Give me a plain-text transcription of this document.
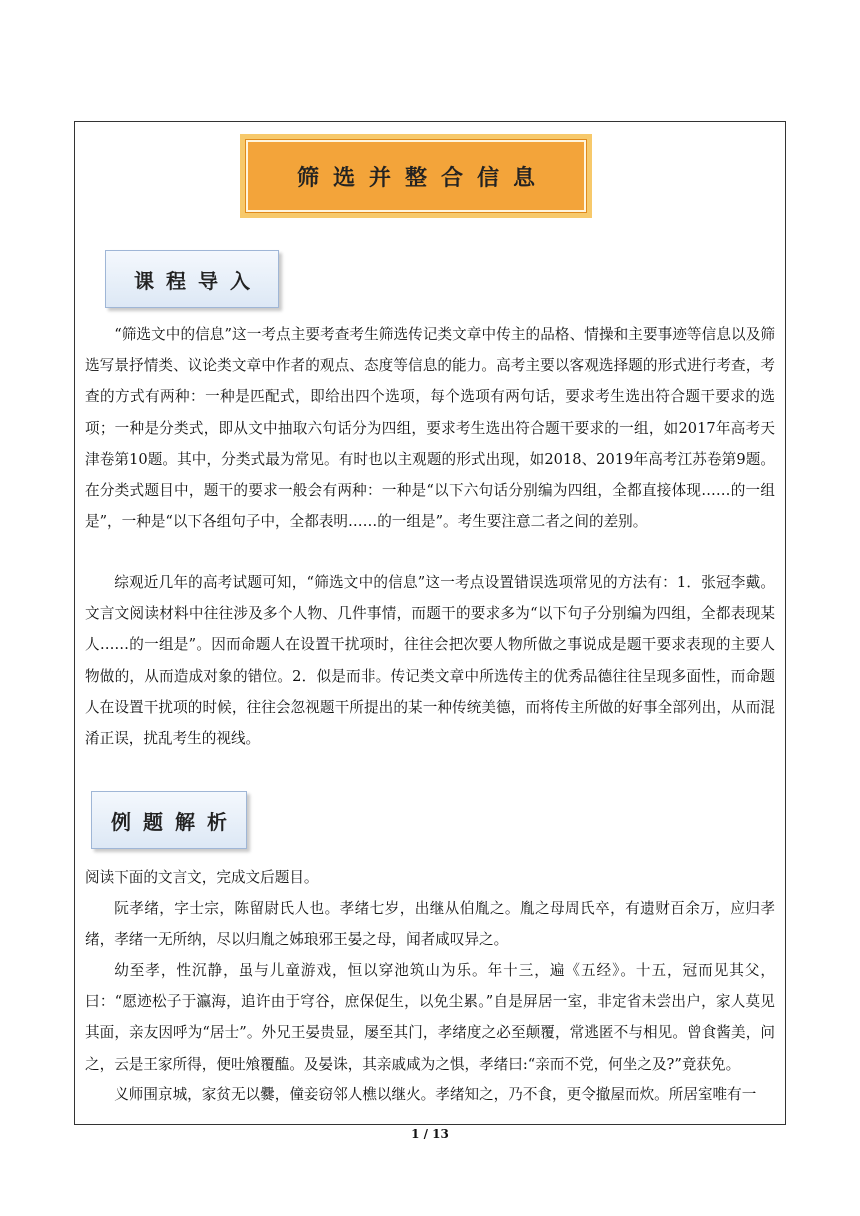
筛选并整合信息
课程导入

“筛选文中的信息”这一考点主要考查考生筛选传记类文章中传主的品格、情操和主要事迹等信息以及筛选写景抒情类、议论类文章中作者的观点、态度等信息的能力。高考主要以客观选择题的形式进行考查，考查的方式有两种：一种是匹配式，即给出四个选项，每个选项有两句话，要求考生选出符合题干要求的选项；一种是分类式，即从文中抽取六句话分为四组，要求考生选出符合题干要求的一组，如2017年高考天津卷第10题。其中，分类式最为常见。有时也以主观题的形式出现，如2018、2019年高考江苏卷第9题。在分类式题目中，题干的要求一般会有两种：一种是“以下六句话分别编为四组，全都直接体现……的一组是”，一种是“以下各组句子中，全都表明……的一组是”。考生要注意二者之间的差别。

综观近几年的高考试题可知，“筛选文中的信息”这一考点设置错误选项常见的方法有：1．张冠李戴。文言文阅读材料中往往涉及多个人物、几件事情，而题干的要求多为“以下句子分别编为四组，全都表现某人……的一组是”。因而命题人在设置干扰项时，往往会把次要人物所做之事说成是题干要求表现的主要人物做的，从而造成对象的错位。2．似是而非。传记类文章中所选传主的优秀品德往往呈现多面性，而命题人在设置干扰项的时候，往往会忽视题干所提出的某一种传统美德，而将传主所做的好事全部列出，从而混淆正误，扰乱考生的视线。

例题解析

阅读下面的文言文，完成文后题目。

阮孝绪，字士宗，陈留尉氏人也。孝绪七岁，出继从伯胤之。胤之母周氏卒，有遗财百余万，应归孝绪，孝绪一无所纳，尽以归胤之姊琅邪王晏之母，闻者咸叹异之。

幼至孝，性沉静，虽与儿童游戏，恒以穿池筑山为乐。年十三，遍《五经》。十五，冠而见其父，曰：“愿迹松子于瀛海，追许由于穹谷，庶保促生，以免尘累。”自是屏居一室，非定省未尝出户，家人莫见其面，亲友因呼为“居士”。外兄王晏贵显，屡至其门，孝绪度之必至颠覆，常逃匿不与相见。曾食酱美，问之，云是王家所得，便吐飧覆醢。及晏诛，其亲戚咸为之惧，孝绪曰:“亲而不党，何坐之及?”竟获免。

义师围京城，家贫无以爨，僮妾窃邻人樵以继火。孝绪知之，乃不食，更令撤屋而炊。所居室唯有一

1 / 13
